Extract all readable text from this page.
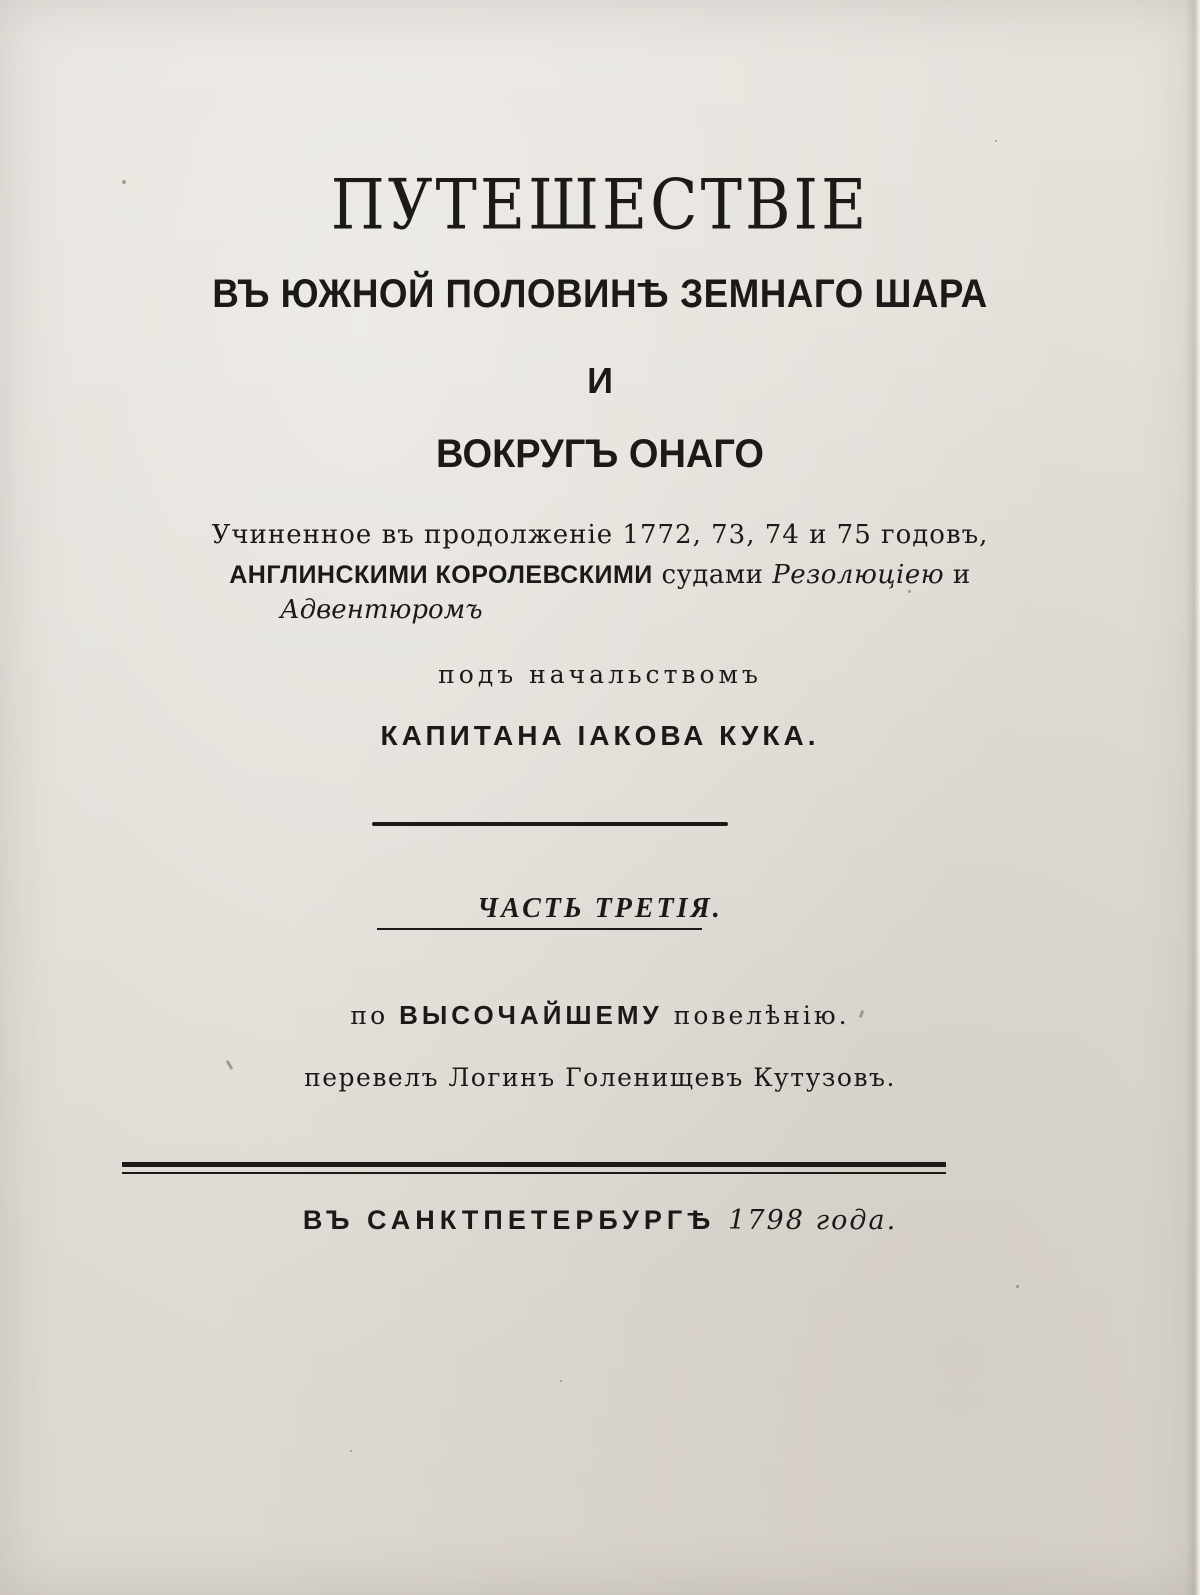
ПУТЕШЕСТВІЕ
ВЪ ЮЖНОЙ ПОЛОВИНѢ ЗЕМНАГО ШАРА
И
ВОКРУГЪ ОНАГО
Учиненное въ продолженіе 1772, 73, 74 и 75 годовъ,
АНГЛИНСКИМИ КОРОЛЕВСКИМИ судами Резолюціею и
Адвентюромъ
подъ начальствомъ
КАПИТАНА ІАКОВА КУКА.
ЧАСТЬ ТРЕТІЯ.
по ВЫСОЧАЙШЕМУ повелѣнію.
перевелъ Логинъ Голенищевъ Кутузовъ.
ВЪ САНКТПЕТЕРБУРГѢ 1798 года.
